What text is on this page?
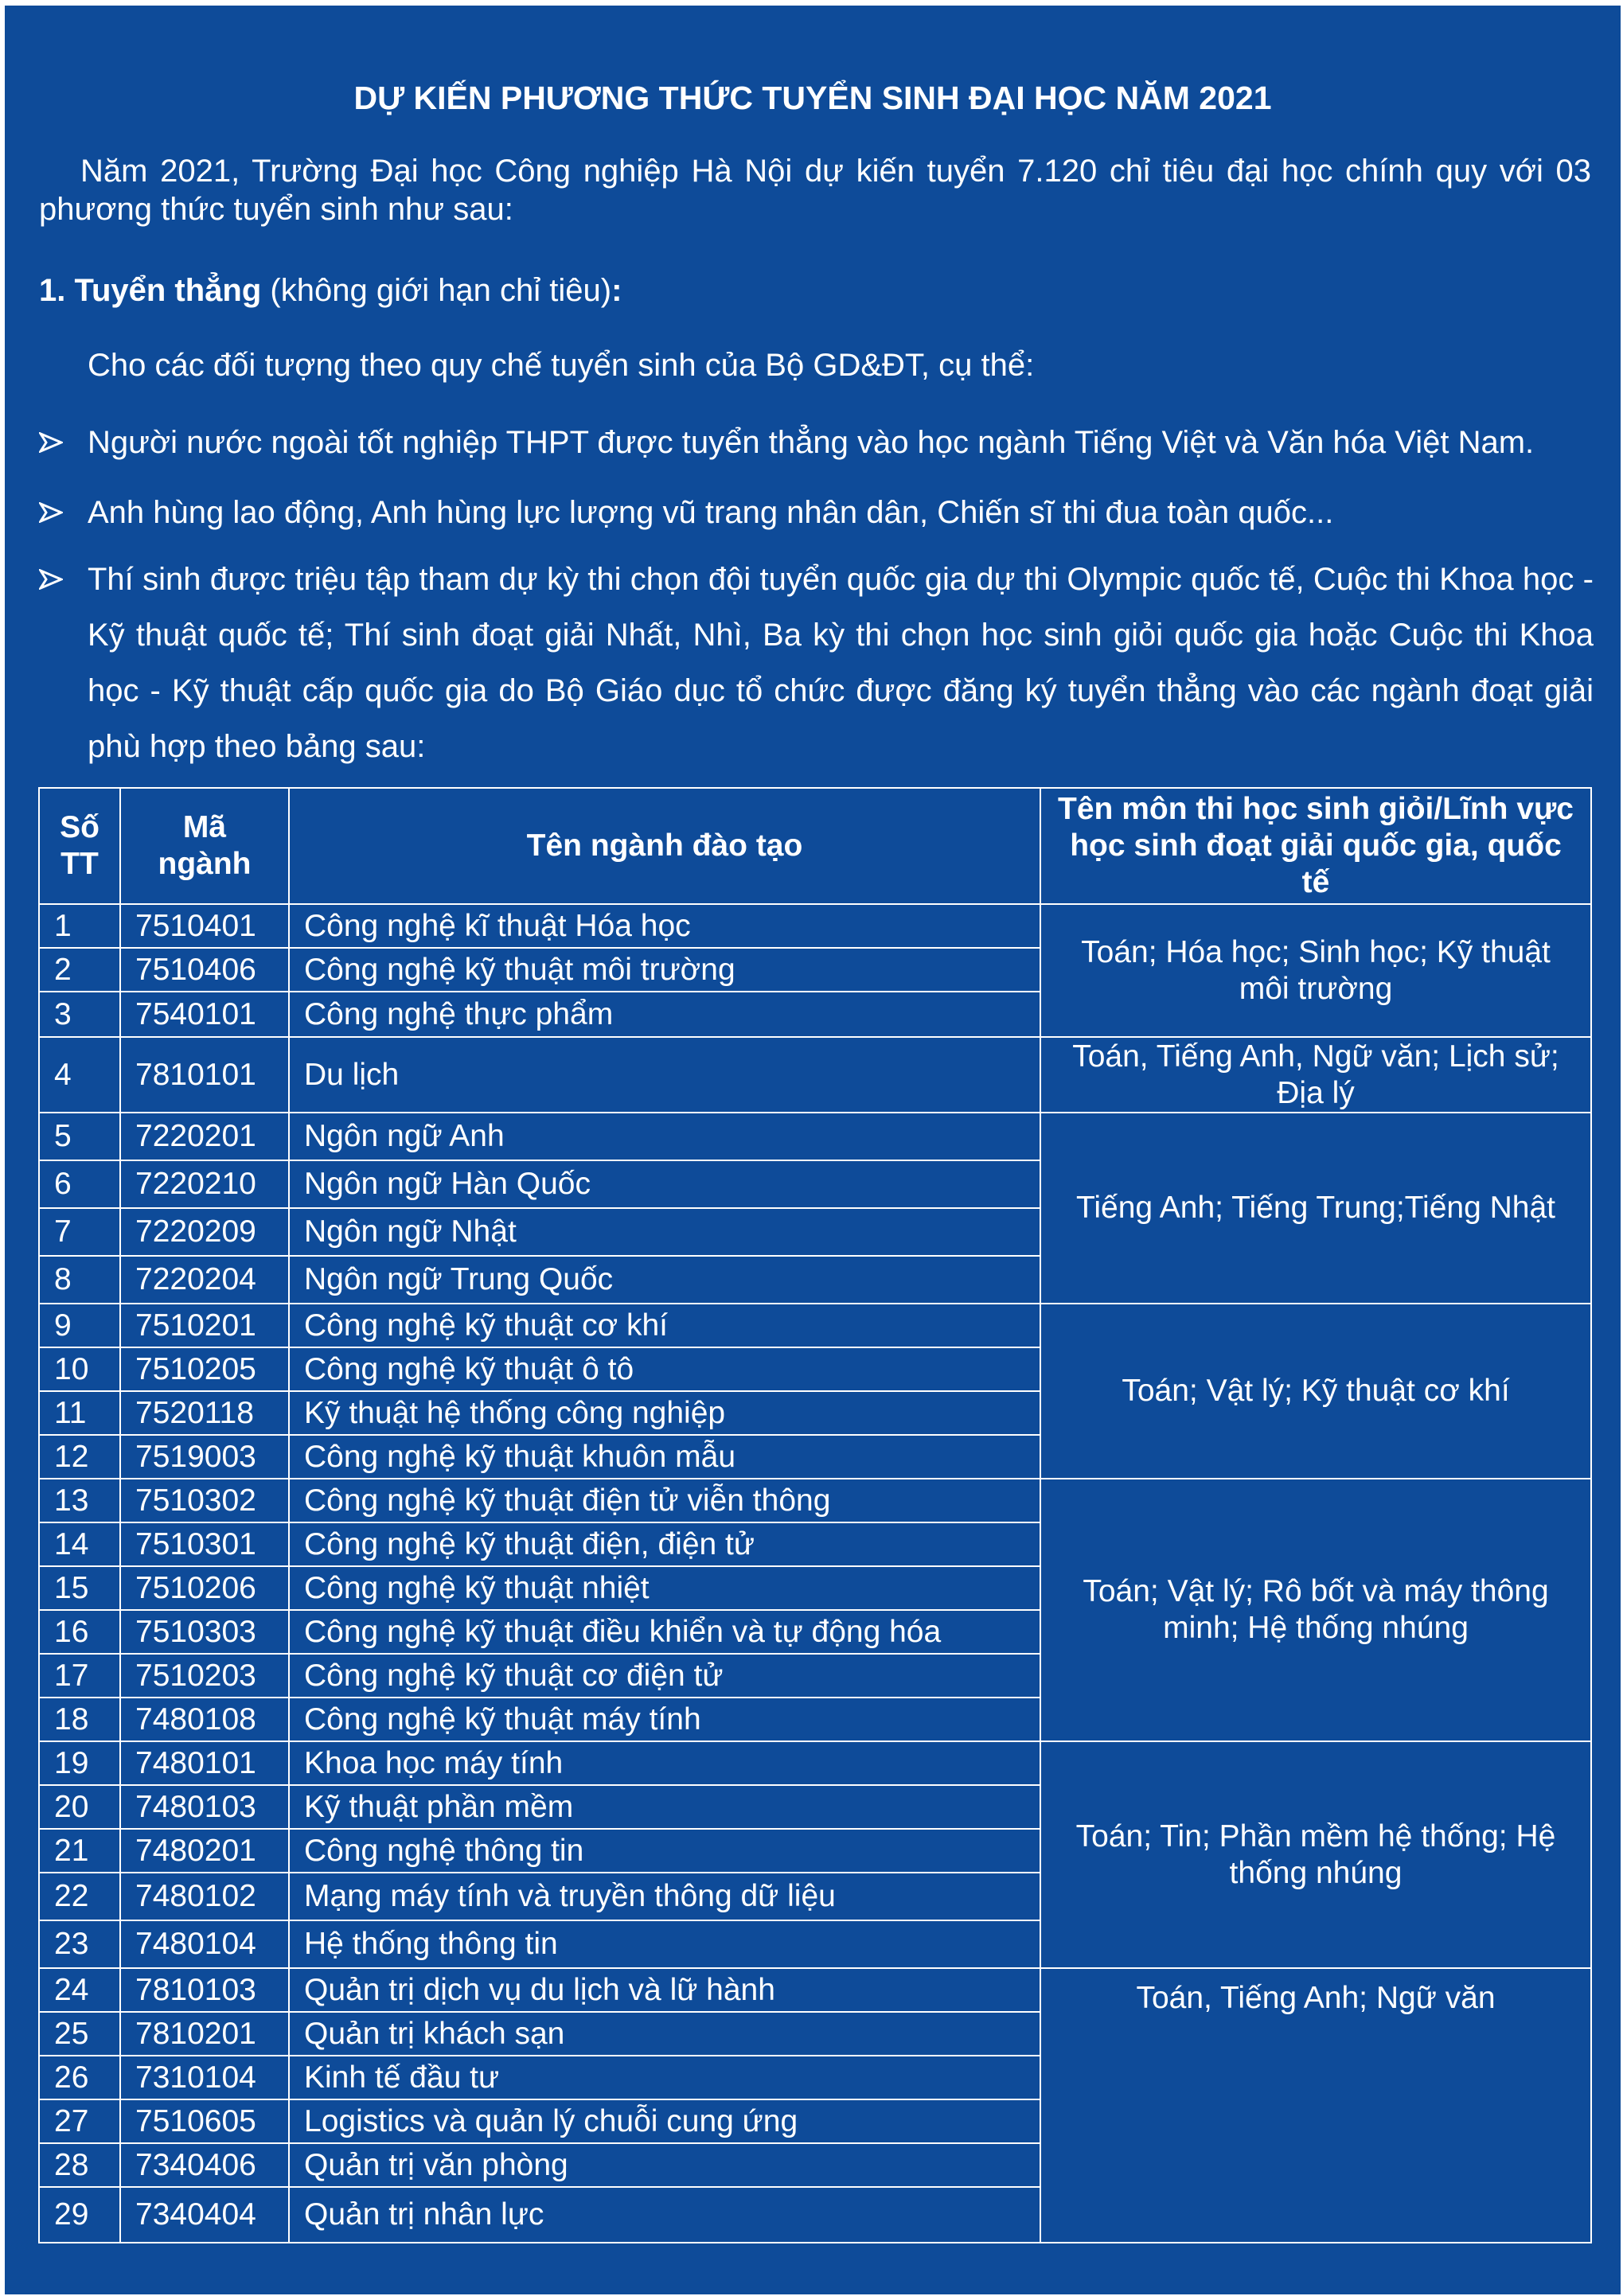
DỰ KIẾN PHƯƠNG THỨC TUYỂN SINH ĐẠI HỌC NĂM 2021
Năm 2021, Trường Đại học Công nghiệp Hà Nội dự kiến tuyển 7.120 chỉ tiêu đại học chính quy với 03 phương thức tuyển sinh như sau:
1. Tuyển thẳng (không giới hạn chỉ tiêu):
Cho các đối tượng theo quy chế tuyển sinh của Bộ GD&ĐT, cụ thể:
Người nước ngoài tốt nghiệp THPT được tuyển thẳng vào học ngành Tiếng Việt và Văn hóa Việt Nam.
Anh hùng lao động, Anh hùng lực lượng vũ trang nhân dân, Chiến sĩ thi đua toàn quốc...
Thí sinh được triệu tập tham dự kỳ thi chọn đội tuyển quốc gia dự thi Olympic quốc tế, Cuộc thi Khoa học - Kỹ thuật quốc tế; Thí sinh đoạt giải Nhất, Nhì, Ba kỳ thi chọn học sinh giỏi quốc gia hoặc Cuộc thi Khoa học - Kỹ thuật cấp quốc gia do Bộ Giáo dục tổ chức được đăng ký tuyển thẳng vào các ngành đoạt giải phù hợp theo bảng sau:
Số TT	Mã ngành	Tên ngành đào tạo	Tên môn thi học sinh giỏi/Lĩnh vực học sinh đoạt giải quốc gia, quốc tế
1	7510401	Công nghệ kĩ thuật Hóa học	Toán; Hóa học; Sinh học; Kỹ thuật môi trường
2	7510406	Công nghệ kỹ thuật môi trường	
3	7540101	Công nghệ thực phẩm	
4	7810101	Du lịch	Toán, Tiếng Anh, Ngữ văn; Lịch sử; Địa lý
5	7220201	Ngôn ngữ Anh	Tiếng Anh; Tiếng Trung;Tiếng Nhật
6	7220210	Ngôn ngữ Hàn Quốc	
7	7220209	Ngôn ngữ Nhật	
8	7220204	Ngôn ngữ Trung Quốc	
9	7510201	Công nghệ kỹ thuật cơ khí	Toán; Vật lý; Kỹ thuật cơ khí
10	7510205	Công nghệ kỹ thuật ô tô	
11	7520118	Kỹ thuật hệ thống công nghiệp	
12	7519003	Công nghệ kỹ thuật khuôn mẫu	
13	7510302	Công nghệ kỹ thuật điện tử viễn thông	Toán; Vật lý; Rô bốt và máy thông minh; Hệ thống nhúng
14	7510301	Công nghệ kỹ thuật điện, điện tử	
15	7510206	Công nghệ kỹ thuật nhiệt	
16	7510303	Công nghệ kỹ thuật điều khiển và tự động hóa	
17	7510203	Công nghệ kỹ thuật cơ điện tử	
18	7480108	Công nghệ kỹ thuật máy tính	
19	7480101	Khoa học máy tính	Toán; Tin; Phần mềm hệ thống; Hệ thống nhúng
20	7480103	Kỹ thuật phần mềm	
21	7480201	Công nghệ thông tin	
22	7480102	Mạng máy tính và truyền thông dữ liệu	
23	7480104	Hệ thống thông tin	
24	7810103	Quản trị dịch vụ du lịch và lữ hành	Toán, Tiếng Anh; Ngữ văn
25	7810201	Quản trị khách sạn	
26	7310104	Kinh tế đầu tư	
27	7510605	Logistics và quản lý chuỗi cung ứng	
28	7340406	Quản trị văn phòng	
29	7340404	Quản trị nhân lực	
